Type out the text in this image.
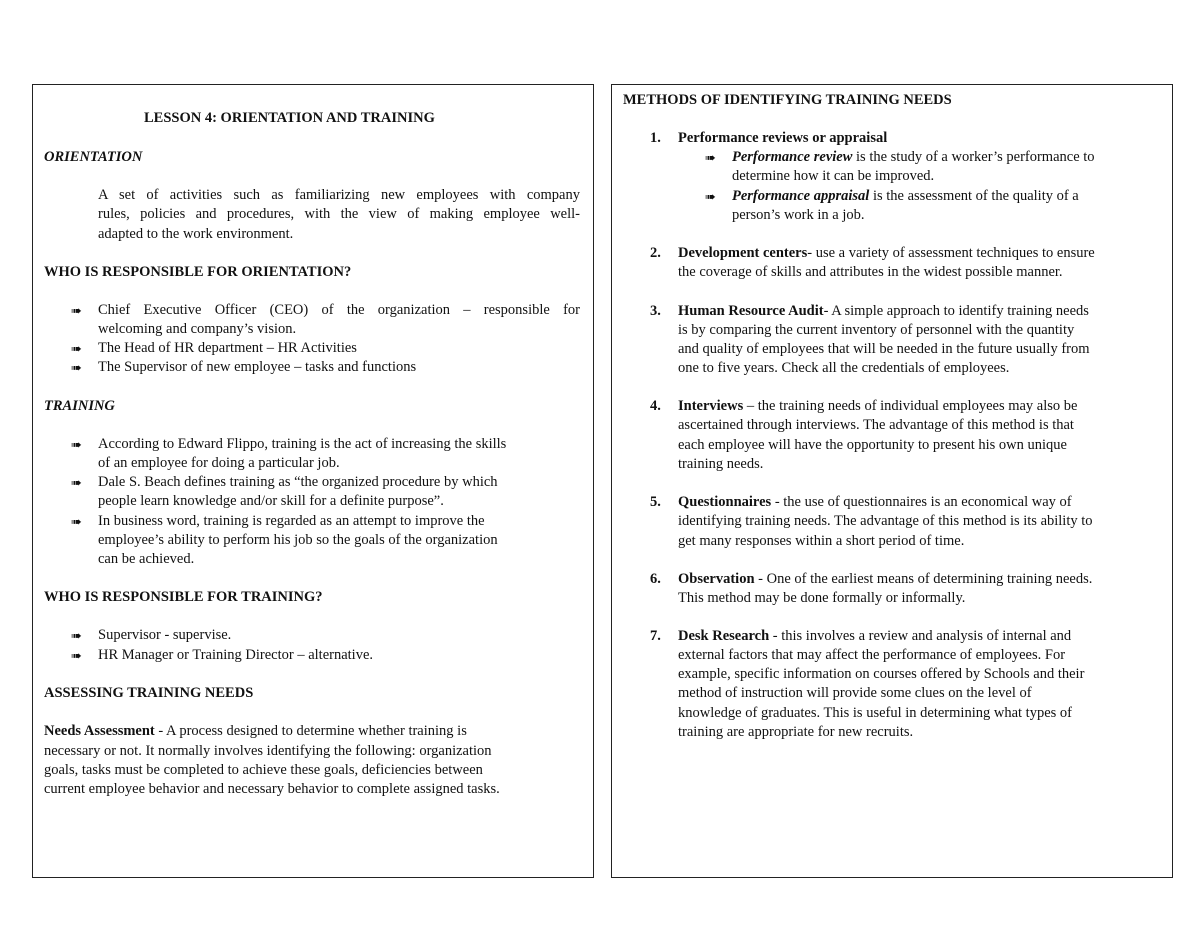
LESSON 4: ORIENTATION AND TRAINING
ORIENTATION
A set of activities such as familiarizing new employees with company
rules, policies and procedures, with the view of making employee well-
adapted to the work environment.
WHO IS RESPONSIBLE FOR ORIENTATION?
➠ Chief Executive Officer (CEO) of the organization – responsible for
welcoming and company’s vision.
➠ The Head of HR department – HR Activities
➠ The Supervisor of new employee – tasks and functions
TRAINING
➠ According to Edward Flippo, training is the act of increasing the skills
of an employee for doing a particular job.
➠ Dale S. Beach defines training as “the organized procedure by which
people learn knowledge and/or skill for a definite purpose”.
➠ In business word, training is regarded as an attempt to improve the
employee’s ability to perform his job so the goals of the organization
can be achieved.
WHO IS RESPONSIBLE FOR TRAINING?
➠ Supervisor - supervise.
➠ HR Manager or Training Director – alternative.
ASSESSING TRAINING NEEDS
Needs Assessment - A process designed to determine whether training is
necessary or not. It normally involves identifying the following: organization
goals, tasks must be completed to achieve these goals, deficiencies between
current employee behavior and necessary behavior to complete assigned tasks.
METHODS OF IDENTIFYING TRAINING NEEDS
1. Performance reviews or appraisal
➠ Performance review is the study of a worker’s performance to
determine how it can be improved.
➠ Performance appraisal is the assessment of the quality of a
person’s work in a job.
2. Development centers- use a variety of assessment techniques to ensure
the coverage of skills and attributes in the widest possible manner.
3. Human Resource Audit- A simple approach to identify training needs
is by comparing the current inventory of personnel with the quantity
and quality of employees that will be needed in the future usually from
one to five years. Check all the credentials of employees.
4. Interviews – the training needs of individual employees may also be
ascertained through interviews. The advantage of this method is that
each employee will have the opportunity to present his own unique
training needs.
5. Questionnaires - the use of questionnaires is an economical way of
identifying training needs. The advantage of this method is its ability to
get many responses within a short period of time.
6. Observation - One of the earliest means of determining training needs.
This method may be done formally or informally.
7. Desk Research - this involves a review and analysis of internal and
external factors that may affect the performance of employees. For
example, specific information on courses offered by Schools and their
method of instruction will provide some clues on the level of
knowledge of graduates. This is useful in determining what types of
training are appropriate for new recruits.
